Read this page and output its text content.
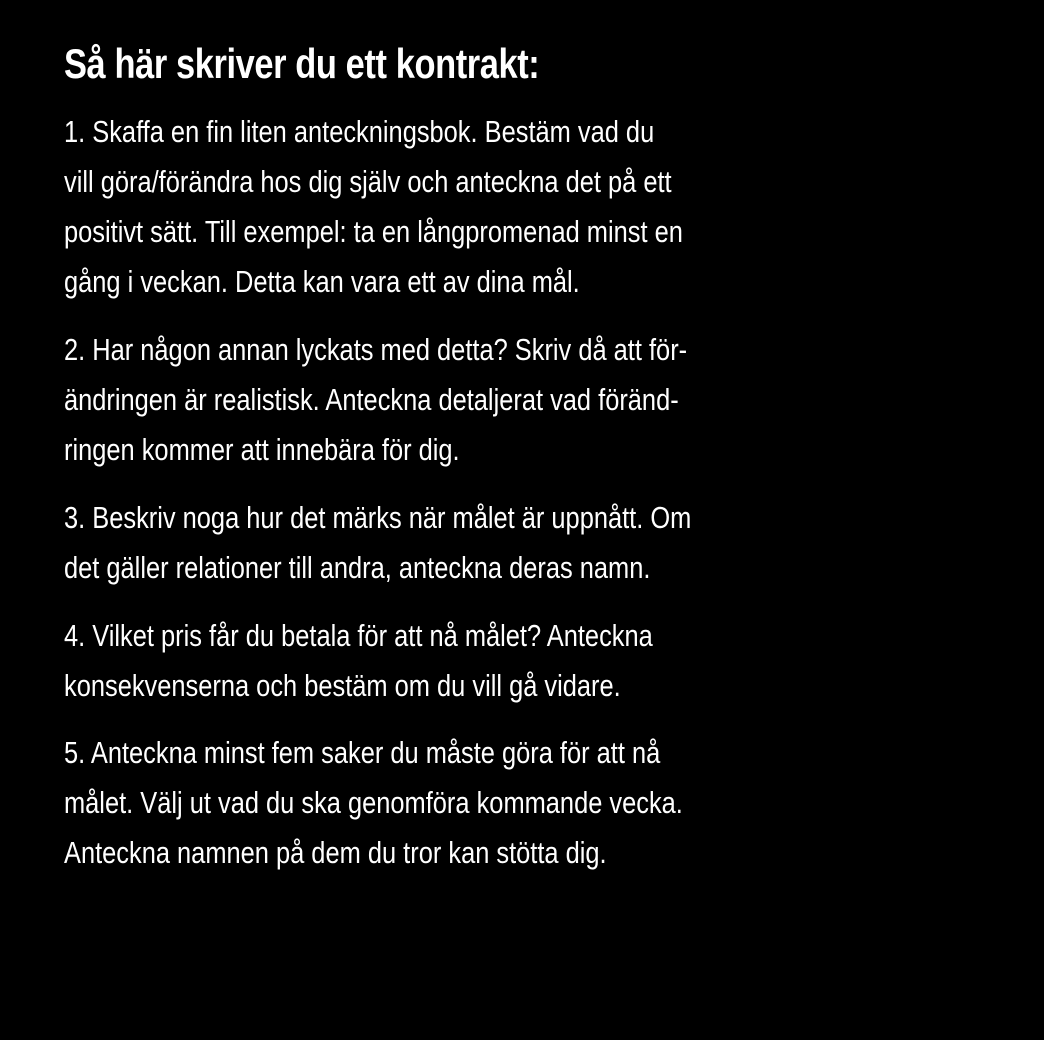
Så här skriver du ett kontrakt:

1. Skaffa en fin liten anteckningsbok. Bestäm vad du
vill göra/förändra hos dig själv och anteckna det på ett
positivt sätt. Till exempel: ta en långpromenad minst en
gång i veckan. Detta kan vara ett av dina mål.

2. Har någon annan lyckats med detta? Skriv då att för-
ändringen är realistisk. Anteckna detaljerat vad föränd-
ringen kommer att innebära för dig.

3. Beskriv noga hur det märks när målet är uppnått. Om
det gäller relationer till andra, anteckna deras namn.

4. Vilket pris får du betala för att nå målet? Anteckna
konsekvenserna och bestäm om du vill gå vidare.

5. Anteckna minst fem saker du måste göra för att nå
målet. Välj ut vad du ska genomföra kommande vecka.
Anteckna namnen på dem du tror kan stötta dig.
